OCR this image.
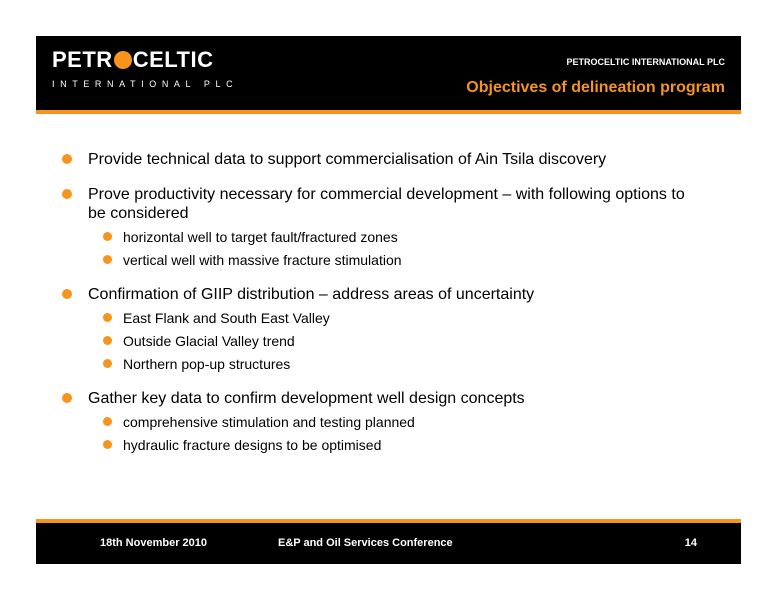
PETR CELTIC
INTERNATIONAL PLC
PETROCELTIC INTERNATIONAL PLC
Objectives of delineation program
Provide technical data to support commercialisation of Ain Tsila discovery
Prove productivity necessary for commercial development – with following options to be considered
horizontal well to target fault/fractured zones
vertical well with massive fracture stimulation
Confirmation of GIIP distribution – address areas of uncertainty
East Flank and South East Valley
Outside Glacial Valley trend
Northern pop-up structures
Gather key data to confirm development well design concepts
comprehensive stimulation and testing planned
hydraulic fracture designs to be optimised
18th November 2010	E&P and Oil Services Conference	14
